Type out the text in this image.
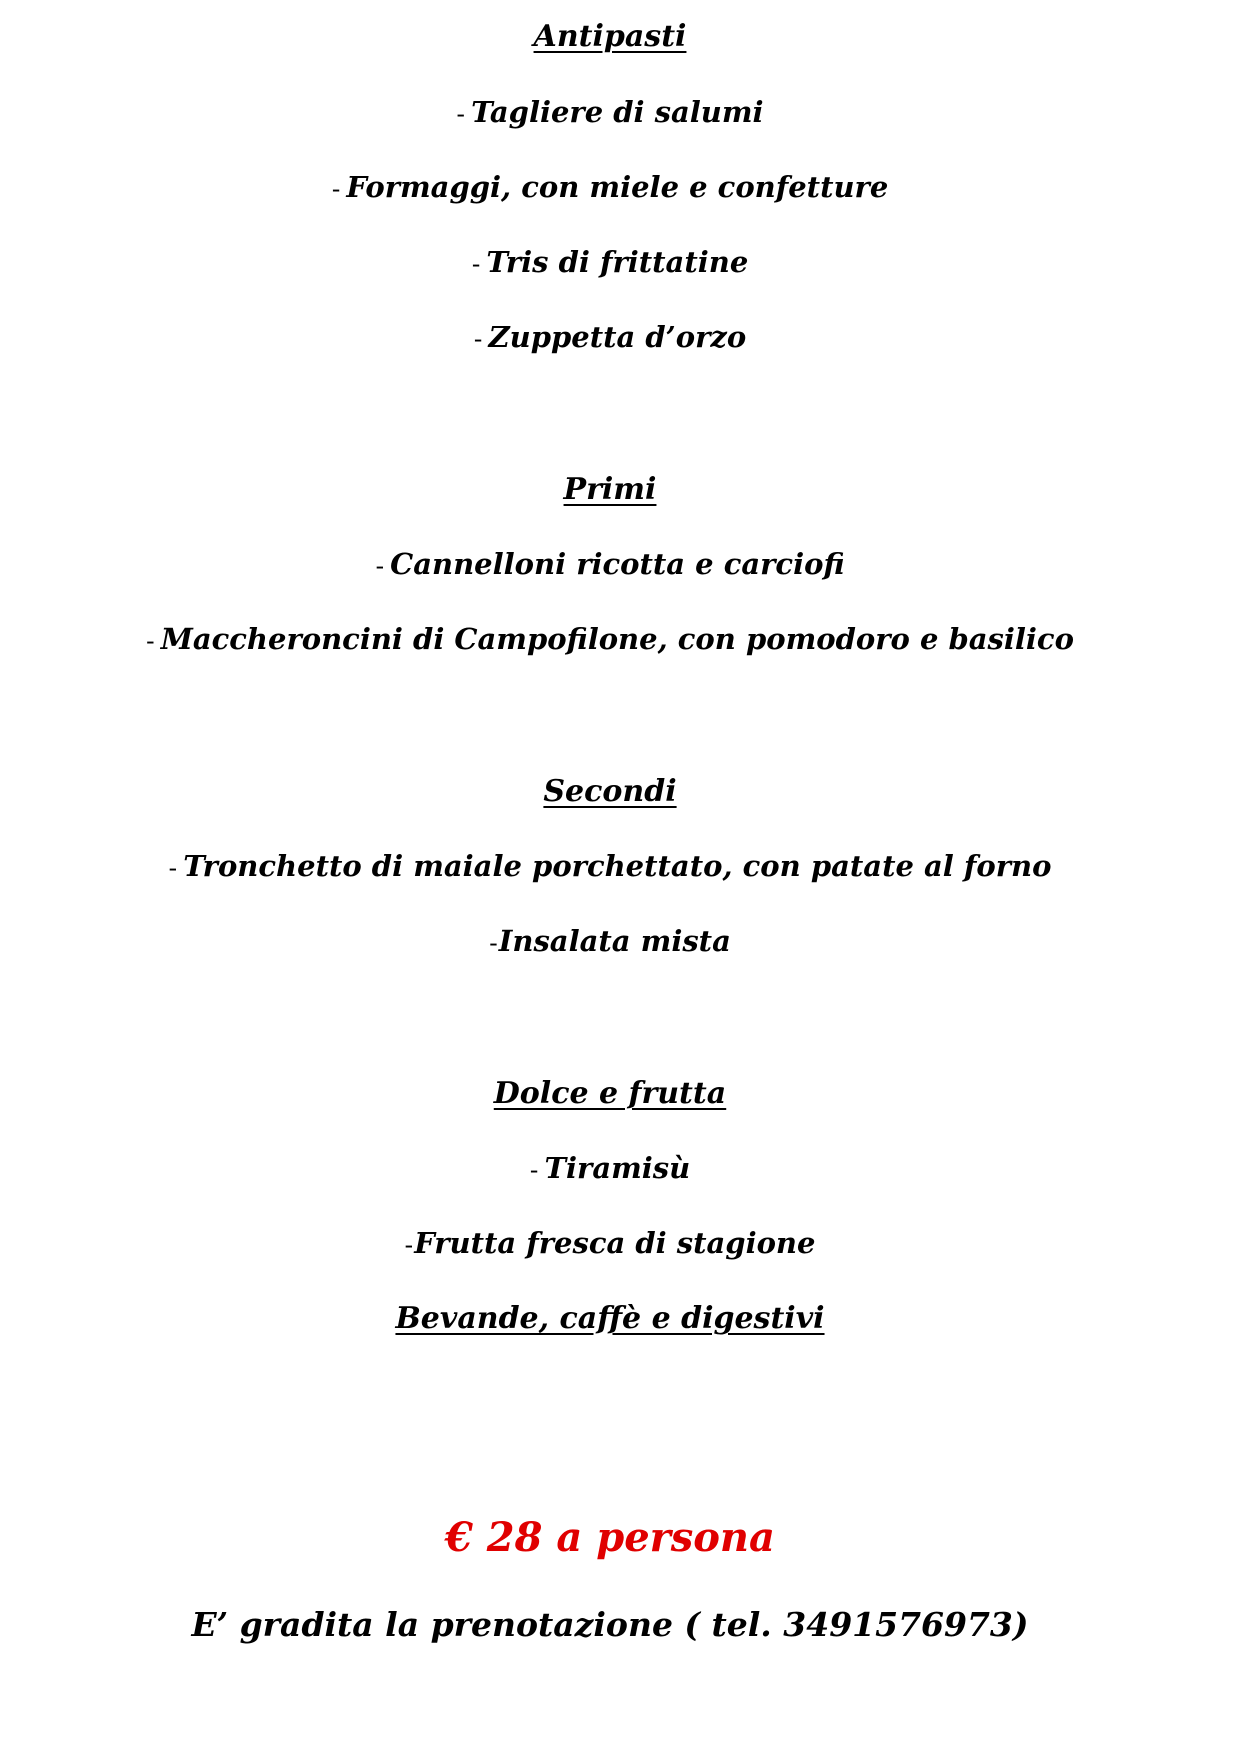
Antipasti
- Tagliere di salumi
- Formaggi, con miele e confetture
- Tris di frittatine
- Zuppetta d’orzo
Primi
- Cannelloni ricotta e carciofi
- Maccheroncini di Campofilone, con pomodoro e basilico
Secondi
- Tronchetto di maiale porchettato, con patate al forno
-Insalata mista
Dolce e frutta
- Tiramisù
-Frutta fresca di stagione
Bevande, caffè e digestivi
€ 28 a persona
E’ gradita la prenotazione ( tel. 3491576973)
